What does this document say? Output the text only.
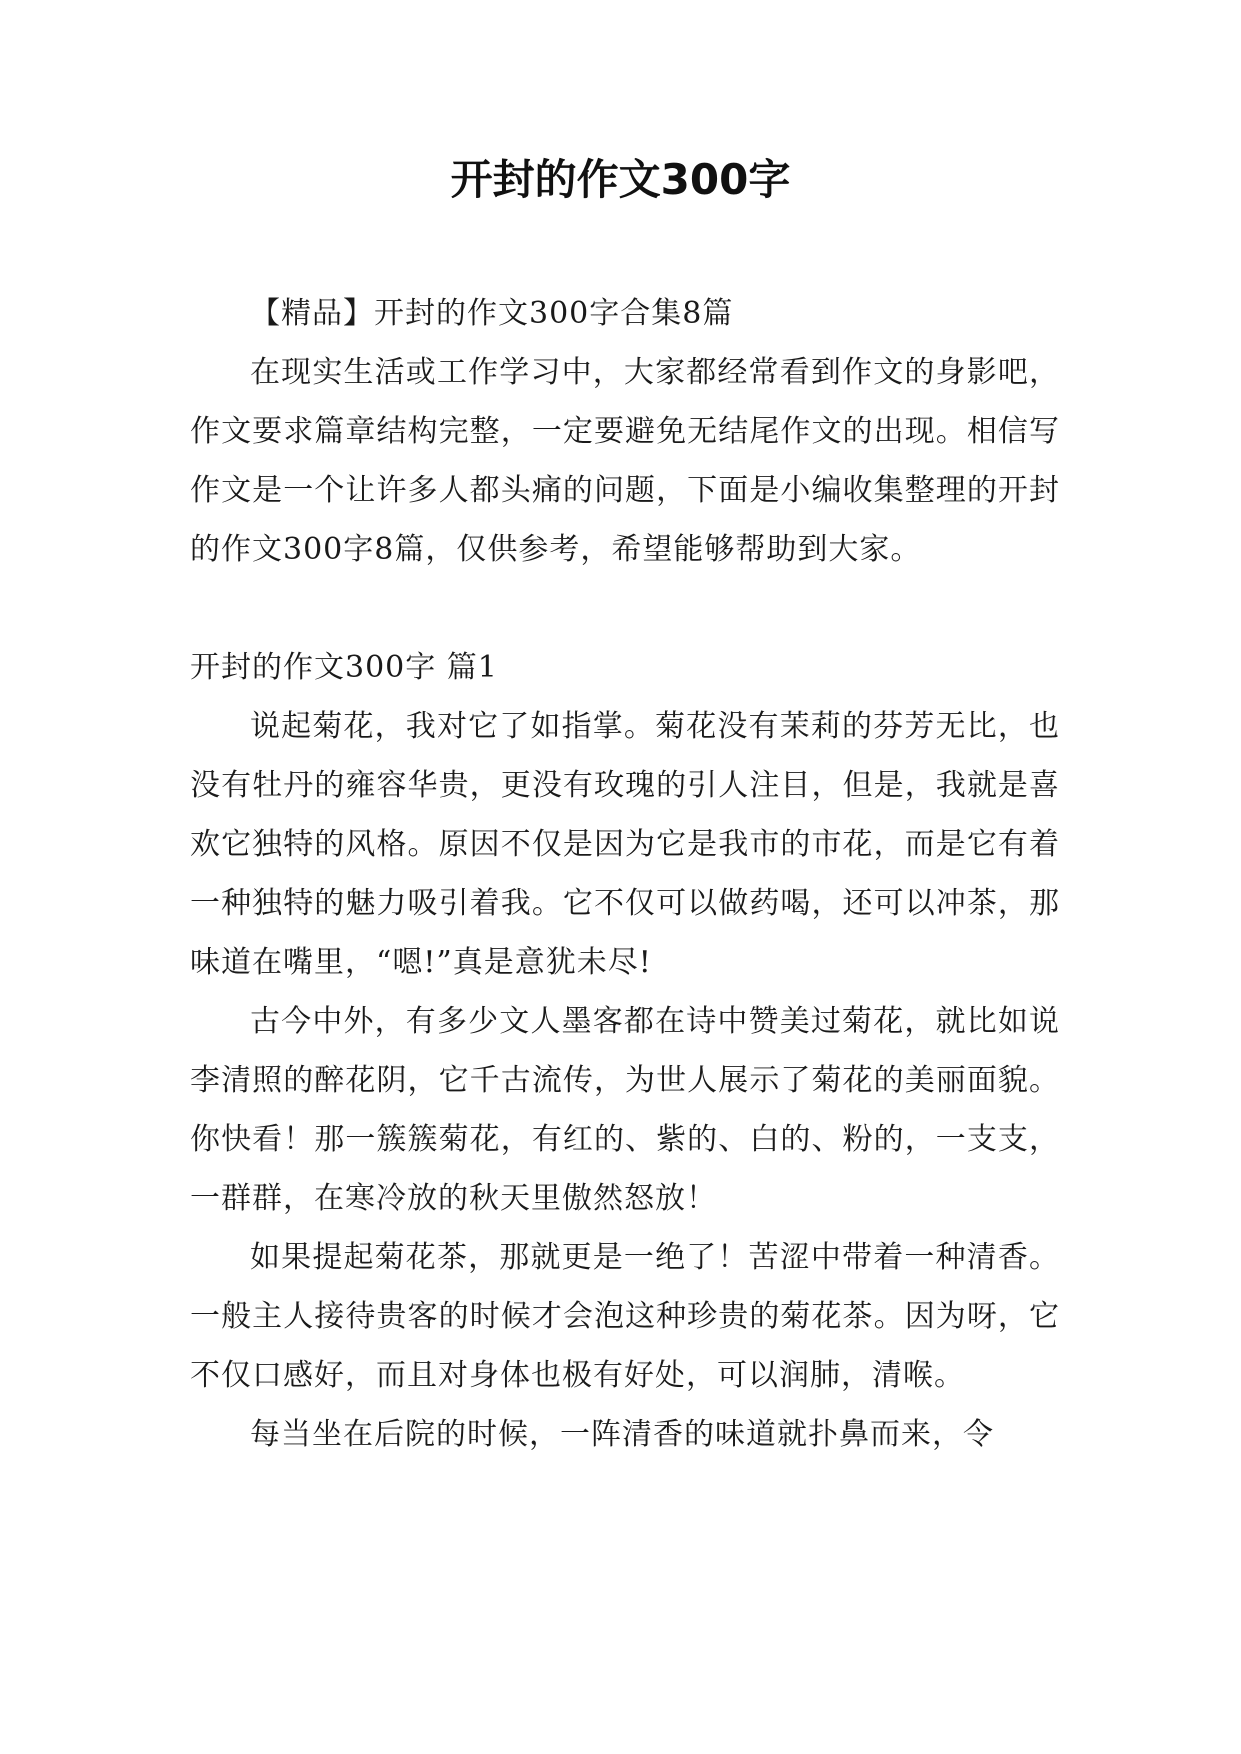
开封的作文300字

【精品】开封的作文300字合集8篇

在现实生活或工作学习中，大家都经常看到作文的身影吧，作文要求篇章结构完整，一定要避免无结尾作文的出现。相信写作文是一个让许多人都头痛的问题，下面是小编收集整理的开封的作文300字8篇，仅供参考，希望能够帮助到大家。

开封的作文300字 篇1

说起菊花，我对它了如指掌。菊花没有茉莉的芬芳无比，也没有牡丹的雍容华贵，更没有玫瑰的引人注目，但是，我就是喜欢它独特的风格。原因不仅是因为它是我市的市花，而是它有着一种独特的魅力吸引着我。它不仅可以做药喝，还可以冲茶，那味道在嘴里，“嗯!”真是意犹未尽!

古今中外，有多少文人墨客都在诗中赞美过菊花，就比如说李清照的醉花阴，它千古流传，为世人展示了菊花的美丽面貌。你快看！那一簇簇菊花，有红的、紫的、白的、粉的，一支支，一群群，在寒冷放的秋天里傲然怒放！

如果提起菊花茶，那就更是一绝了！苦涩中带着一种清香。一般主人接待贵客的时候才会泡这种珍贵的菊花茶。因为呀，它不仅口感好，而且对身体也极有好处，可以润肺，清喉。

每当坐在后院的时候，一阵清香的味道就扑鼻而来，令
